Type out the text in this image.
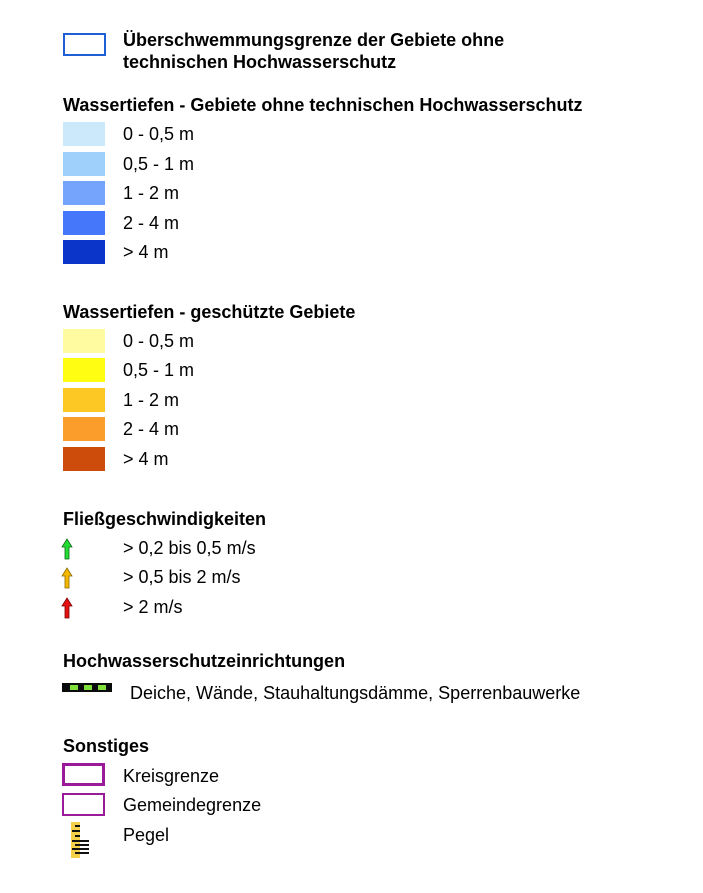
Überschwemmungsgrenze der Gebiete ohne
technischen Hochwasserschutz
Wassertiefen - Gebiete ohne technischen Hochwasserschutz
0 - 0,5 m
0,5 - 1 m
1 - 2 m
2 - 4 m
> 4 m
Wassertiefen - geschützte Gebiete
0 - 0,5 m
0,5 - 1 m
1 - 2 m
2 - 4 m
> 4 m
Fließgeschwindigkeiten
> 0,2 bis 0,5 m/s
> 0,5 bis 2 m/s
> 2 m/s
Hochwasserschutzeinrichtungen
Deiche, Wände, Stauhaltungsdämme, Sperrenbauwerke
Sonstiges
Kreisgrenze
Gemeindegrenze
Pegel
